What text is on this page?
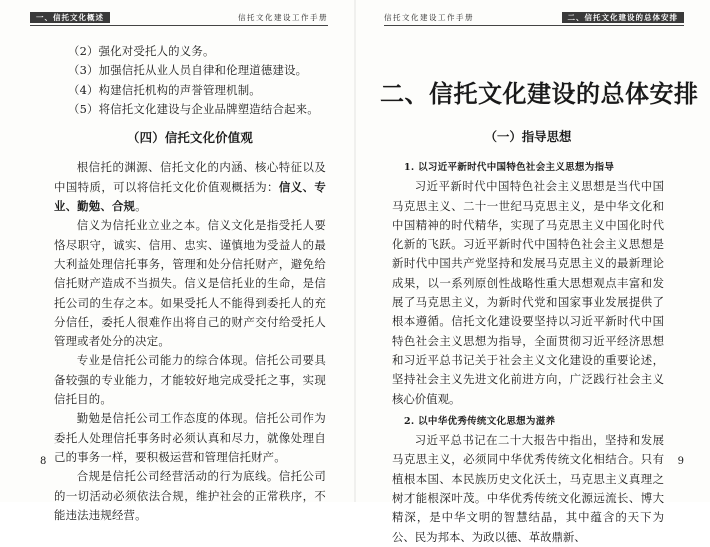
一、信托文化概述	信托文化建设工作手册
（2）强化对受托人的义务。
（3）加强信托从业人员自律和伦理道德建设。
（4）构建信托机构的声誉管理机制。
（5）将信托文化建设与企业品牌塑造结合起来。
（四）信托文化价值观

根信托的渊源、信托文化的内涵、核心特征以及中国特质，可以将信托文化价值观概括为：信义、专业、勤勉、合规。

信义为信托业立业之本。信义文化是指受托人要恪尽职守，诚实、信用、忠实、谨慎地为受益人的最大利益处理信托事务，管理和处分信托财产，避免给信托财产造成不当损失。信义是信托业的生命，是信托公司的生存之本。如果受托人不能得到委托人的充分信任，委托人很难作出将自己的财产交付给受托人管理或者处分的决定。

专业是信托公司能力的综合体现。信托公司要具备较强的专业能力，才能较好地完成受托之事，实现信托目的。

勤勉是信托公司工作态度的体现。信托公司作为委托人处理信托事务时必须认真和尽力，就像处理自己的事务一样，要积极运营和管理信托财产。

合规是信托公司经营活动的行为底线。信托公司的一切活动必须依法合规，维护社会的正常秩序，不能违法违规经营。

8
信托文化建设工作手册	二、信托文化建设的总体安排
9
二、信托文化建设的总体安排
（一）指导思想
1. 以习近平新时代中国特色社会主义思想为指导

习近平新时代中国特色社会主义思想是当代中国马克思主义、二十一世纪马克思主义，是中华文化和中国精神的时代精华，实现了马克思主义中国化时代化新的飞跃。习近平新时代中国特色社会主义思想是新时代中国共产党坚持和发展马克思主义的最新理论成果，以一系列原创性战略性重大思想观点丰富和发展了马克思主义，为新时代党和国家事业发展提供了根本遵循。信托文化建设要坚持以习近平新时代中国特色社会主义思想为指导，全面贯彻习近平经济思想和习近平总书记关于社会主义文化建设的重要论述，坚持社会主义先进文化前进方向，广泛践行社会主义核心价值观。

2. 以中华优秀传统文化思想为滋养

习近平总书记在二十大报告中指出，坚持和发展马克思主义，必须同中华优秀传统文化相结合。只有植根本国、本民族历史文化沃土，马克思主义真理之树才能根深叶茂。中华优秀传统文化源远流长、博大精深，是中华文明的智慧结晶，其中蕴含的天下为公、民为邦本、为政以德、革故鼎新、
